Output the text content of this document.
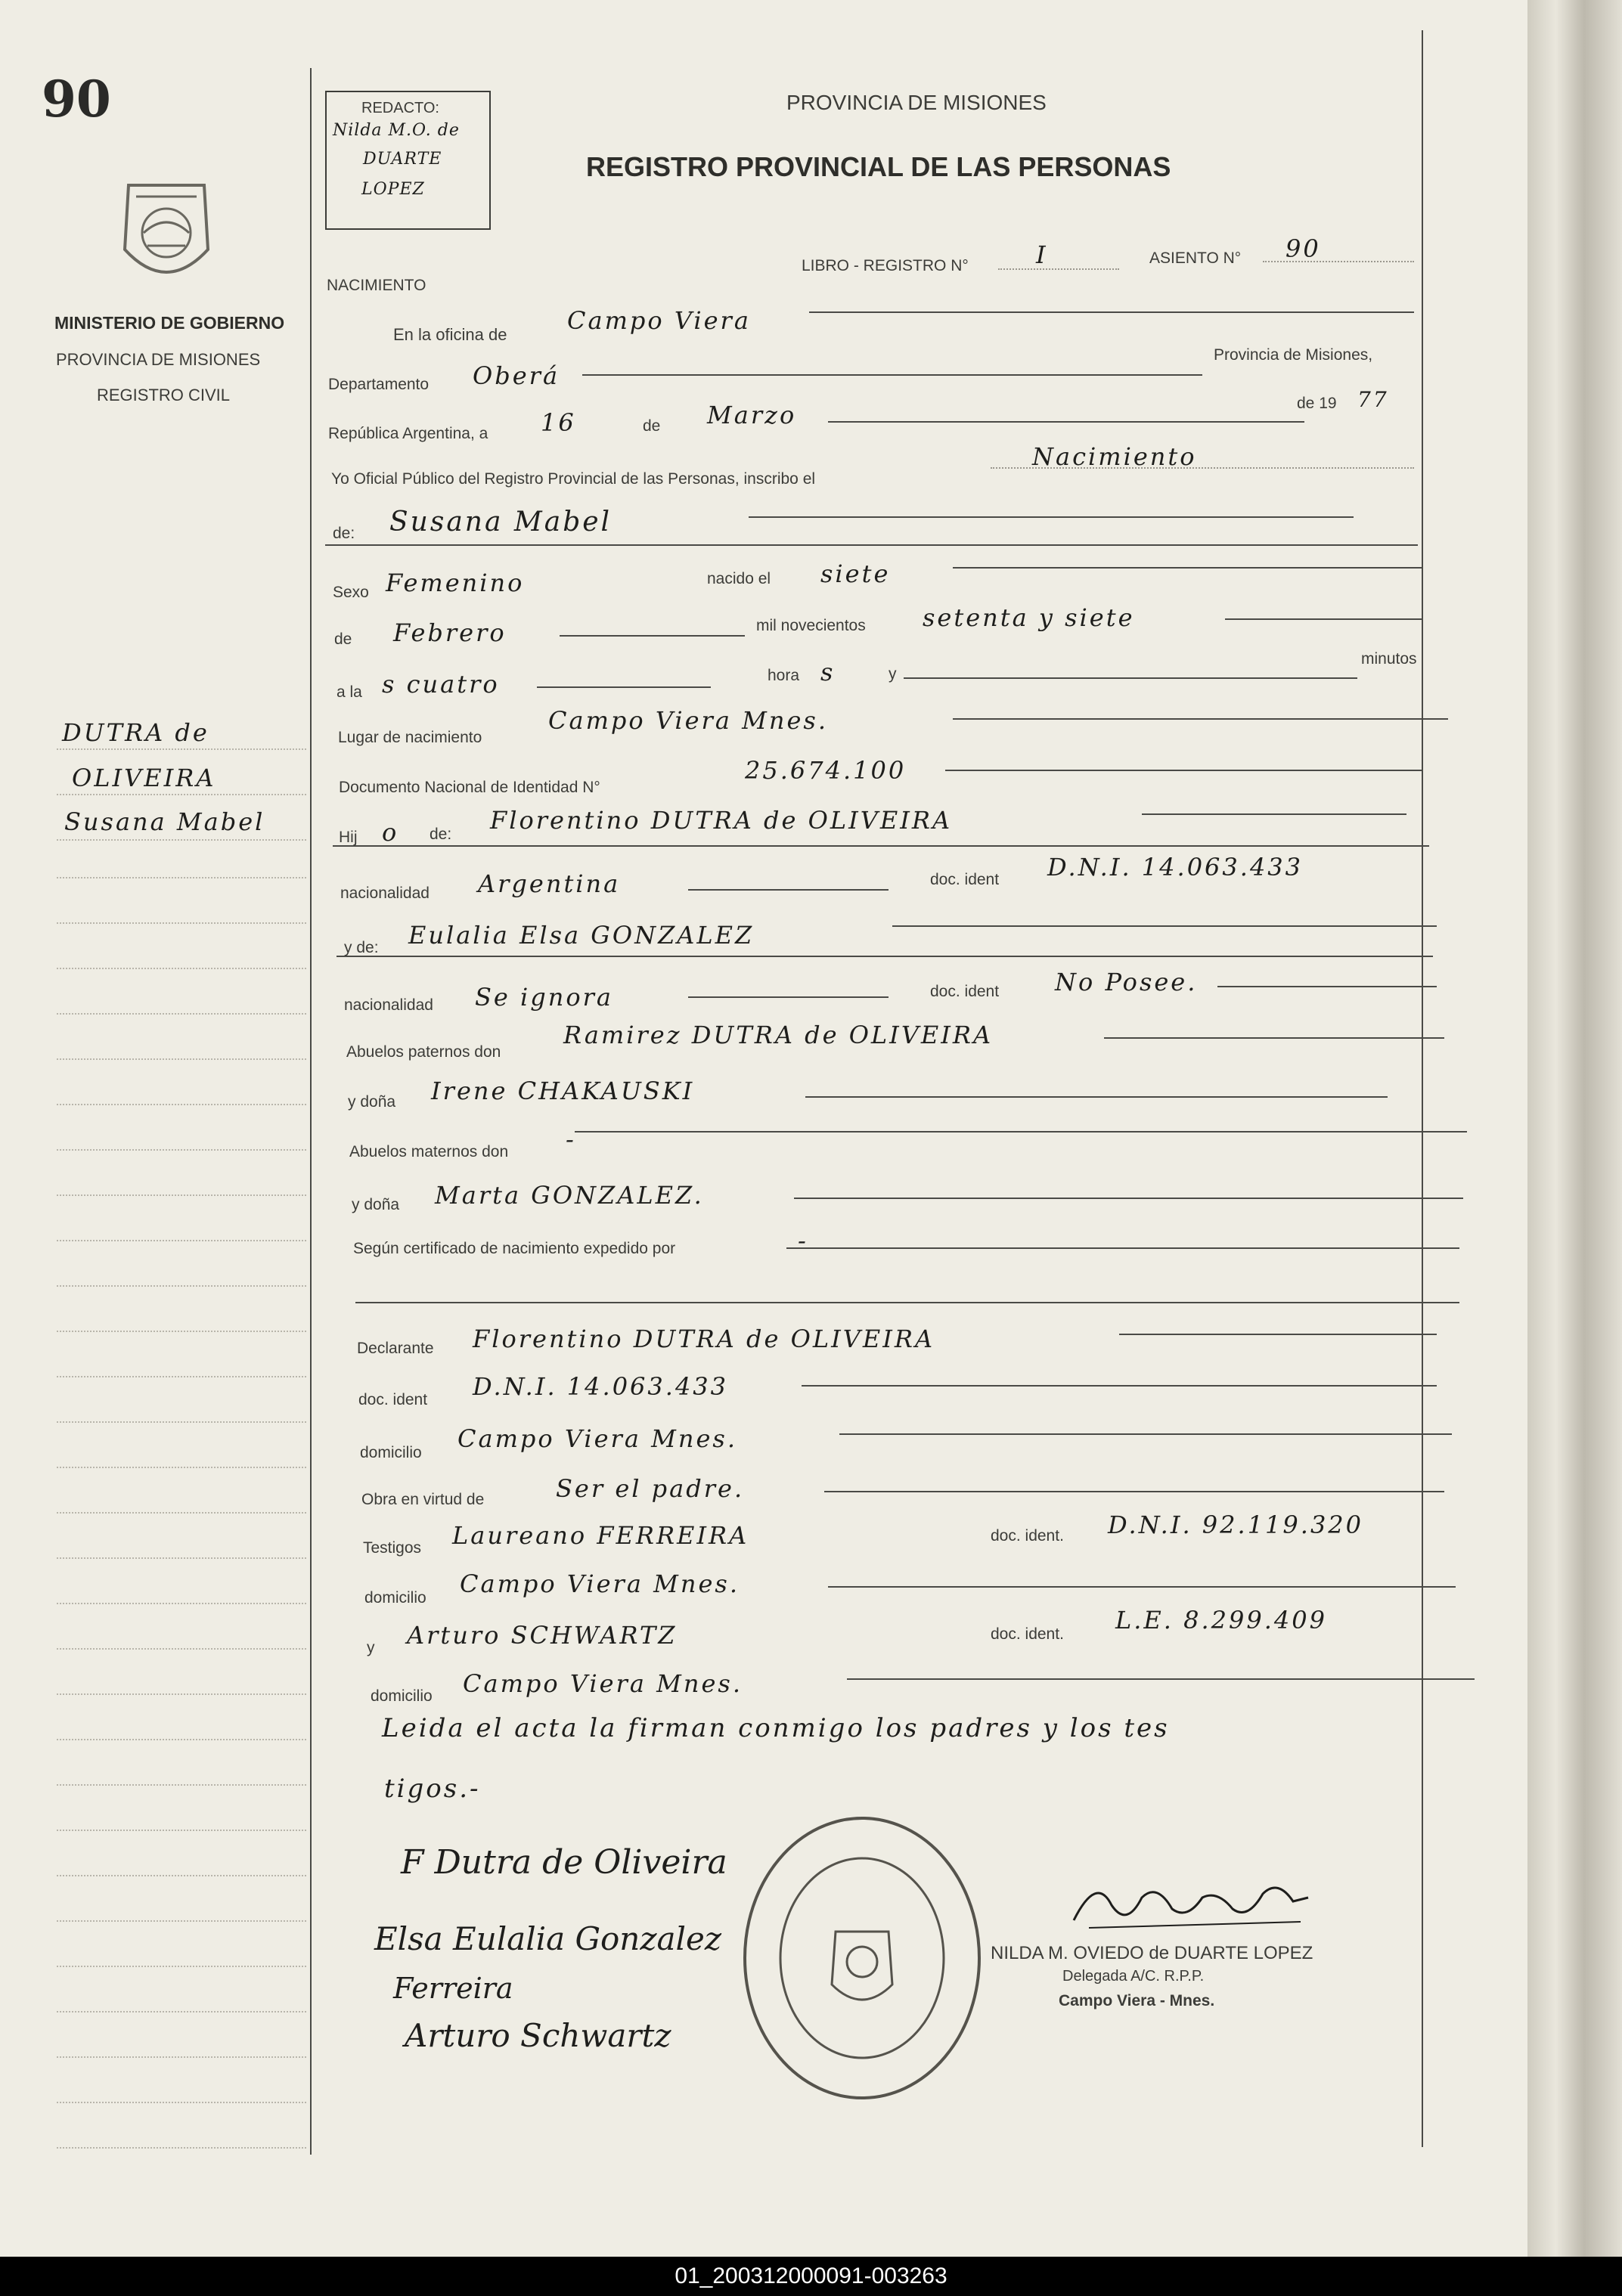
90
MINISTERIO DE GOBIERNO
PROVINCIA DE MISIONES
REGISTRO CIVIL
DUTRA de
OLIVEIRA
Susana Mabel
REDACTO:
Nilda M.O. de
DUARTE
LOPEZ
PROVINCIA DE MISIONES
REGISTRO PROVINCIAL DE LAS PERSONAS
NACIMIENTO
LIBRO - REGISTRO N°	I	ASIENTO N° 90
En la oficina de Campo Viera
Departamento Oberá
Provincia de Misiones,
República Argentina, a 16	de Marzo	de 19 77
Yo Oficial Público del Registro Provincial de las Personas, inscribo el
Nacimiento
de: Susana Mabel
Sexo Femenino	nacido el siete
de Febrero	mil novecientos setenta y siete
a la s cuatro	hora s	y
minutos
Lugar de nacimiento
Campo Viera Mnes.
Documento Nacional de Identidad N°
25.674.100
Hij o de: Florentino DUTRA de OLIVEIRA
nacionalidad Argentina	doc. ident D.N.I. 14.063.433
y de: Eulalia Elsa GONZALEZ
nacionalidad Se ignora	doc. ident No Posee.
Abuelos paternos don
Ramirez DUTRA de OLIVEIRA
y doña Irene CHAKAUSKI
Abuelos maternos don -
y doña Marta GONZALEZ.
Según certificado de nacimiento expedido por	-
Declarante Florentino DUTRA de OLIVEIRA
doc. ident D.N.I. 14.063.433
domicilio Campo Viera Mnes.
Obra en virtud de	Ser el padre.
Testigos Laureano FERREIRA	doc. ident. D.N.I. 92.119.320
domicilio Campo Viera Mnes.
y Arturo SCHWARTZ	doc. ident. L.E. 8.299.409
domicilio Campo Viera Mnes.
Leida el acta la firman conmigo los padres y los tes
tigos.-
F Dutra de Oliveira
Elsa Eulalia Gonzalez
Ferreira
Arturo Schwartz
NILDA M. OVIEDO de DUARTE LOPEZ
Delegada A/C. R.P.P.
Campo Viera - Mnes.
01_200312000091-003263
